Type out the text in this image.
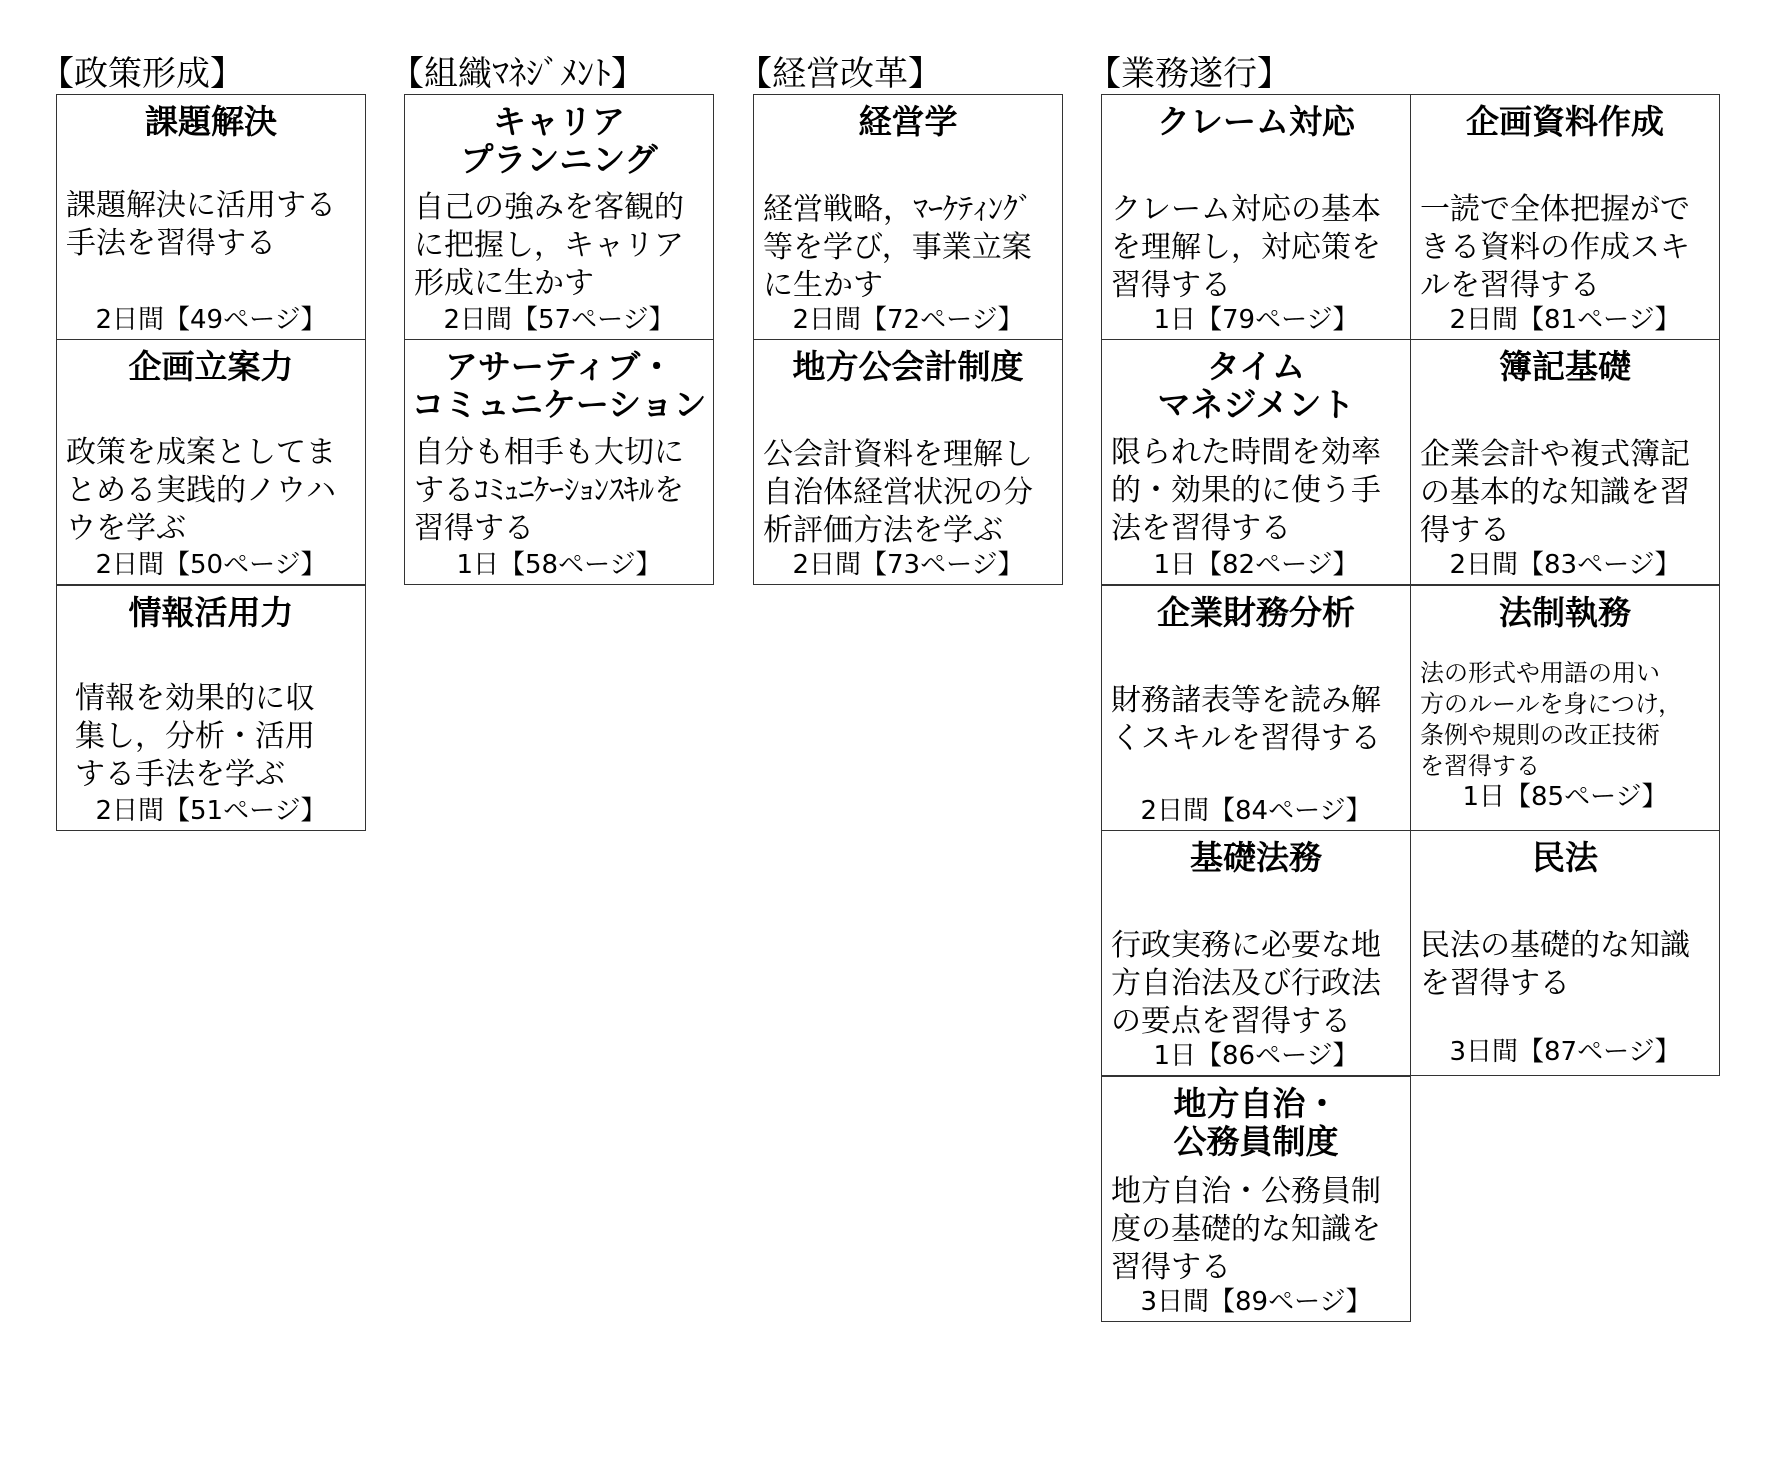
【政策形成】	【組織ﾏﾈｼﾞﾒﾝﾄ】	【経営改革】	【業務遂行】
課題解決
課題解決に活用する
手法を習得する
2日間【49ページ】
企画立案力
政策を成案としてま
とめる実践的ノウハ
ウを学ぶ
2日間【50ページ】
情報活用力
情報を効果的に収
集し，分析・活用
する手法を学ぶ
2日間【51ページ】
キャリア
プランニング
自己の強みを客観的
に把握し，キャリア
形成に生かす
2日間【57ページ】
アサーティブ・
コミュニケーション
自分も相手も大切に
するｺﾐｭﾆｹｰｼｮﾝｽｷﾙを
習得する
1日【58ページ】
経営学
経営戦略，ﾏｰｹﾃｨﾝｸﾞ
等を学び，事業立案
に生かす
2日間【72ページ】
地方公会計制度
公会計資料を理解し
自治体経営状況の分
析評価方法を学ぶ
2日間【73ページ】
クレーム対応
クレーム対応の基本
を理解し，対応策を
習得する
1日【79ページ】
タイム
マネジメント
限られた時間を効率
的・効果的に使う手
法を習得する
1日【82ページ】
企業財務分析
財務諸表等を読み解
くスキルを習得する
2日間【84ページ】
基礎法務
行政実務に必要な地
方自治法及び行政法
の要点を習得する
1日【86ページ】
地方自治・
公務員制度
地方自治・公務員制
度の基礎的な知識を
習得する
3日間【89ページ】
企画資料作成
一読で全体把握がで
きる資料の作成スキ
ルを習得する
2日間【81ページ】
簿記基礎
企業会計や複式簿記
の基本的な知識を習
得する
2日間【83ページ】
法制執務
法の形式や用語の用い
方のルールを身につけ，
条例や規則の改正技術
を習得する
1日【85ページ】
民法
民法の基礎的な知識
を習得する
3日間【87ページ】
